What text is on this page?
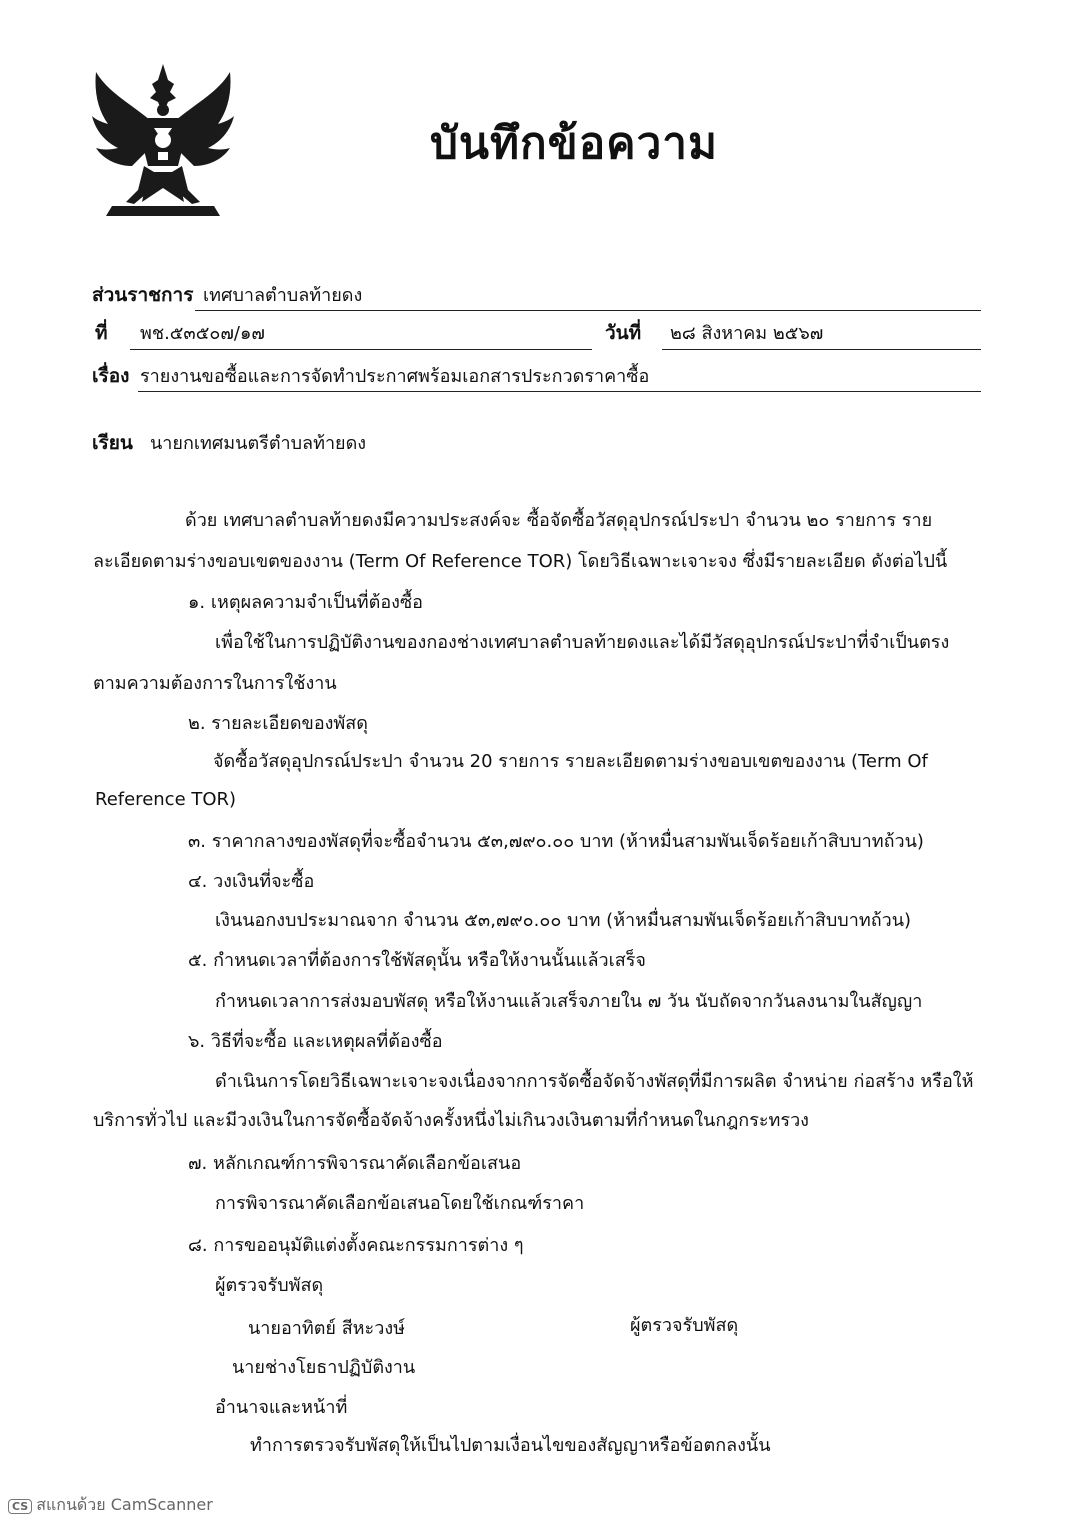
บันทึกข้อความ
ส่วนราชการ เทศบาลตำบลท้ายดง
ที่ พช.๕๓๕๐๗/๑๗	วันที่ ๒๘ สิงหาคม ๒๕๖๗
เรื่อง รายงานขอซื้อและการจัดทำประกาศพร้อมเอกสารประกวดราคาซื้อ
เรียน นายกเทศมนตรีตำบลท้ายดง
ด้วย เทศบาลตำบลท้ายดงมีความประสงค์จะ ซื้อจัดซื้อวัสดุอุปกรณ์ประปา จำนวน ๒๐ รายการ ราย
ละเอียดตามร่างขอบเขตของงาน (Term Of Reference TOR) โดยวิธีเฉพาะเจาะจง ซึ่งมีรายละเอียด ดังต่อไปนี้
๑. เหตุผลความจำเป็นที่ต้องซื้อ
เพื่อใช้ในการปฏิบัติงานของกองช่างเทศบาลตำบลท้ายดงและได้มีวัสดุอุปกรณ์ประปาที่จำเป็นตรง
ตามความต้องการในการใช้งาน
๒. รายละเอียดของพัสดุ
จัดซื้อวัสดุอุปกรณ์ประปา จำนวน 20 รายการ รายละเอียดตามร่างขอบเขตของงาน (Term Of
Reference TOR)
๓. ราคากลางของพัสดุที่จะซื้อจำนวน ๕๓,๗๙๐.๐๐ บาท (ห้าหมื่นสามพันเจ็ดร้อยเก้าสิบบาทถ้วน)
๔. วงเงินที่จะซื้อ
เงินนอกงบประมาณจาก จำนวน ๕๓,๗๙๐.๐๐ บาท (ห้าหมื่นสามพันเจ็ดร้อยเก้าสิบบาทถ้วน)
๕. กำหนดเวลาที่ต้องการใช้พัสดุนั้น หรือให้งานนั้นแล้วเสร็จ
กำหนดเวลาการส่งมอบพัสดุ หรือให้งานแล้วเสร็จภายใน ๗ วัน นับถัดจากวันลงนามในสัญญา
๖. วิธีที่จะซื้อ และเหตุผลที่ต้องซื้อ
ดำเนินการโดยวิธีเฉพาะเจาะจงเนื่องจากการจัดซื้อจัดจ้างพัสดุที่มีการผลิต จำหน่าย ก่อสร้าง หรือให้
บริการทั่วไป และมีวงเงินในการจัดซื้อจัดจ้างครั้งหนึ่งไม่เกินวงเงินตามที่กำหนดในกฎกระทรวง
๗. หลักเกณฑ์การพิจารณาคัดเลือกข้อเสนอ
การพิจารณาคัดเลือกข้อเสนอโดยใช้เกณฑ์ราคา
๘. การขออนุมัติแต่งตั้งคณะกรรมการต่าง ๆ
ผู้ตรวจรับพัสดุ
นายอาทิตย์ สีหะวงษ์	ผู้ตรวจรับพัสดุ
นายช่างโยธาปฏิบัติงาน
อำนาจและหน้าที่
ทำการตรวจรับพัสดุให้เป็นไปตามเงื่อนไขของสัญญาหรือข้อตกลงนั้น
CS สแกนด้วย CamScanner
